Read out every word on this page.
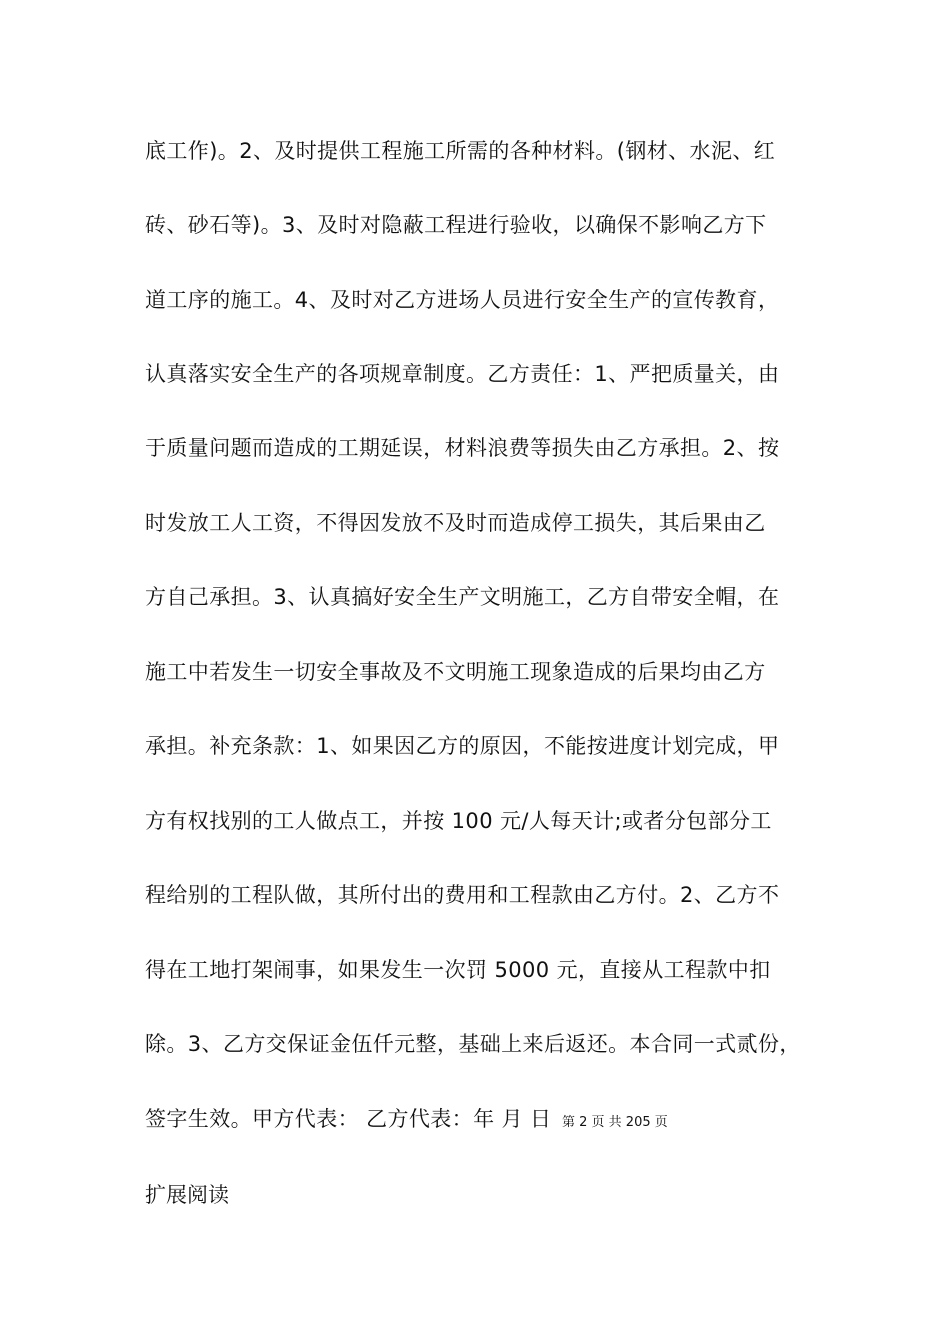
底工作)。2、及时提供工程施工所需的各种材料。(钢材、水泥、红
砖、砂石等)。3、及时对隐蔽工程进行验收，以确保不影响乙方下
道工序的施工。4、及时对乙方进场人员进行安全生产的宣传教育，
认真落实安全生产的各项规章制度。乙方责任：1、严把质量关，由
于质量问题而造成的工期延误，材料浪费等损失由乙方承担。2、按
时发放工人工资，不得因发放不及时而造成停工损失，其后果由乙
方自己承担。3、认真搞好安全生产文明施工，乙方自带安全帽，在
施工中若发生一切安全事故及不文明施工现象造成的后果均由乙方
承担。补充条款：1、如果因乙方的原因，不能按进度计划完成，甲
方有权找别的工人做点工，并按 100 元/人每天计;或者分包部分工
程给别的工程队做，其所付出的费用和工程款由乙方付。2、乙方不
得在工地打架闹事，如果发生一次罚 5000 元，直接从工程款中扣
除。3、乙方交保证金伍仟元整，基础上来后返还。本合同一式贰份，
签字生效。甲方代表： 乙方代表：年 月 日 第 2 页 共 205 页
扩展阅读
